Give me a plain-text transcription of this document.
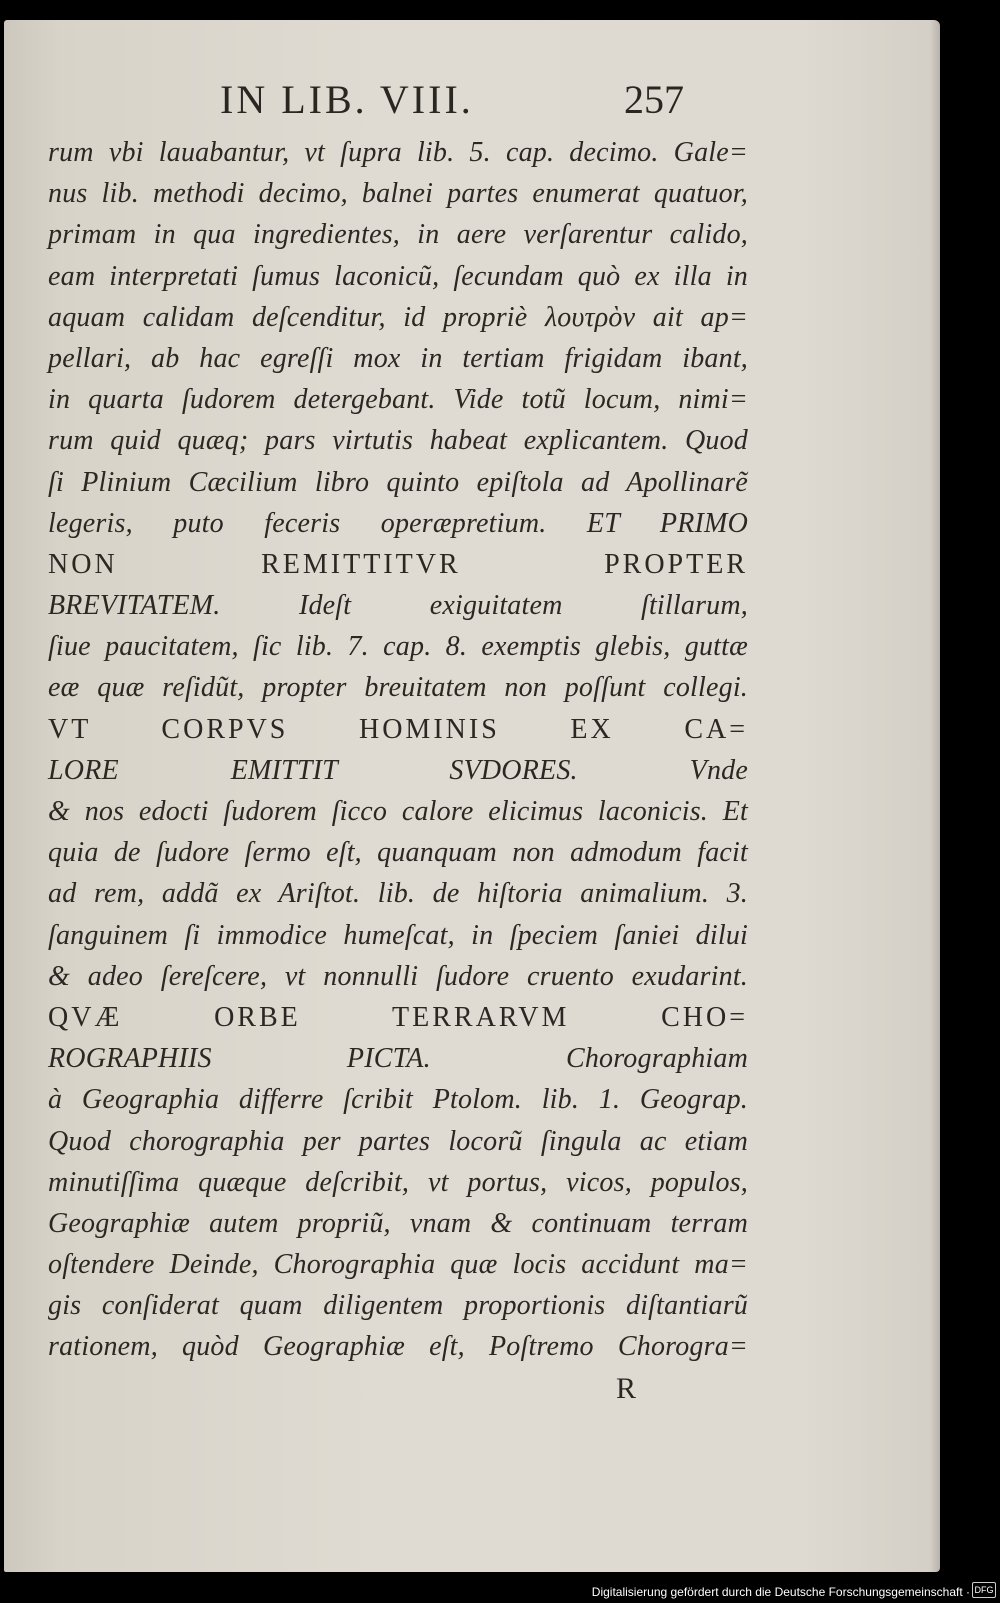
IN LIB. VIII.	257
rum vbi lauabantur, vt ſupra lib. 5. cap. decimo. Gale=
nus lib. methodi decimo, balnei partes enumerat quatuor,
primam in qua ingredientes, in aere verſarentur calido,
eam interpretati ſumus laconicũ, ſecundam quò ex illa in
aquam calidam deſcenditur, id propriè λουτρὸν ait ap=
pellari, ab hac egreſſi mox in tertiam frigidam ibant,
in quarta ſudorem detergebant. Vide totũ locum, nimi=
rum quid quæq; pars virtutis habeat explicantem. Quod
ſi Plinium Cæcilium libro quinto epiſtola ad Apollinarẽ
legeris, puto feceris operæpretium. ET PRIMO
NON REMITTITVR PROPTER
BREVITATEM. Ideſt exiguitatem ſtillarum,
ſiue paucitatem, ſic lib. 7. cap. 8. exemptis glebis, guttæ
eæ quæ reſidũt, propter breuitatem non poſſunt collegi.
VT CORPVS HOMINIS EX CA=
LORE EMITTIT SVDORES. Vnde
& nos edocti ſudorem ſicco calore elicimus laconicis. Et
quia de ſudore ſermo eſt, quanquam non admodum facit
ad rem, addã ex Ariſtot. lib. de hiſtoria animalium. 3.
ſanguinem ſi immodice humeſcat, in ſpeciem ſaniei dilui
& adeo ſereſcere, vt nonnulli ſudore cruento exudarint.
QVÆ ORBE TERRARVM CHO=
ROGRAPHIIS PICTA. Chorographiam
à Geographia differre ſcribit Ptolom. lib. 1. Geograp.
Quod chorographia per partes locorũ ſingula ac etiam
minutiſſima quæque deſcribit, vt portus, vicos, populos,
Geographiæ autem propriũ, vnam & continuam terram
oſtendere Deinde, Chorographia quæ locis accidunt ma=
gis conſiderat quam diligentem proportionis diſtantiarũ
rationem, quòd Geographiæ eſt, Poſtremo Chorogra=
R
Digitalisierung gefördert durch die Deutsche Forschungsgemeinschaft · DFG
